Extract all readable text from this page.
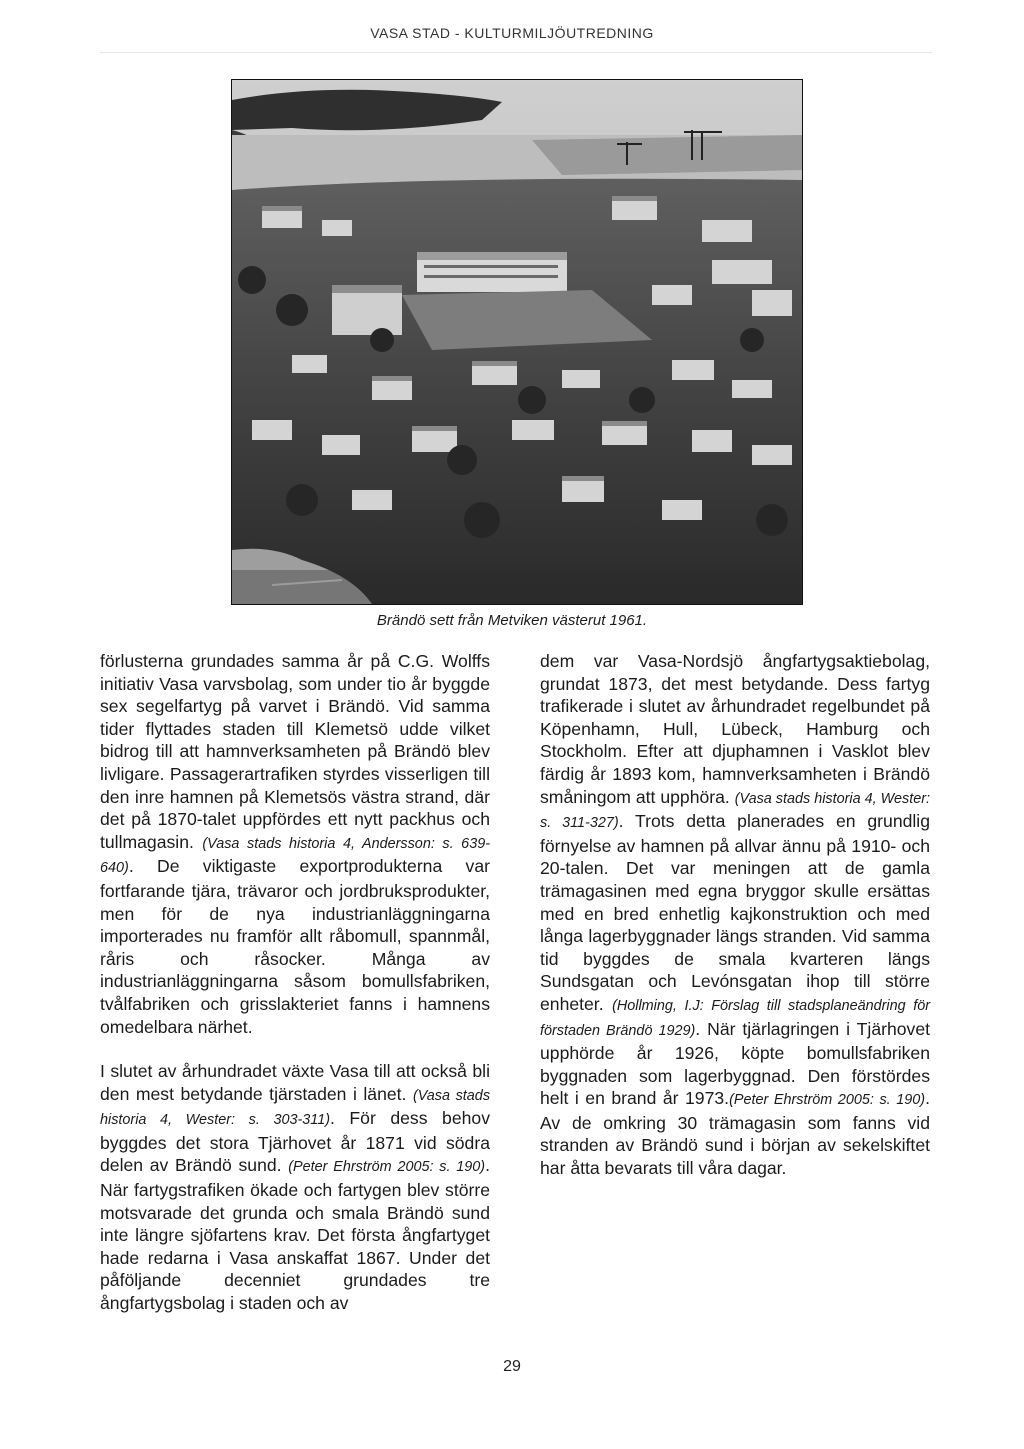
VASA STAD - KULTURMILJÖUTREDNING
Brändö sett från Metviken västerut 1961.

förlusterna grundades samma år på C.G. Wolffs initiativ Vasa varvsbolag, som under tio år byggde sex segelfartyg på varvet i Brändö. Vid samma tider flyttades staden till Klemetsö udde vilket bidrog till att hamnverksamheten på Brändö blev livligare. Passagerartrafiken styrdes visserligen till den inre hamnen på Klemetsös västra strand, där det på 1870-talet uppfördes ett nytt packhus och tullmagasin. (Vasa stads historia 4, Andersson: s. 639-640). De viktigaste exportprodukterna var fortfarande tjära, trävaror och jordbruksprodukter, men för de nya industrianläggningarna importerades nu framför allt råbomull, spannmål, råris och råsocker. Många av industrianläggningarna såsom bomullsfabriken, tvålfabriken och grisslakteriet fanns i hamnens omedelbara närhet.

I slutet av århundradet växte Vasa till att också bli den mest betydande tjärstaden i länet. (Vasa stads historia 4, Wester: s. 303-311). För dess behov byggdes det stora Tjärhovet år 1871 vid södra delen av Brändö sund. (Peter Ehrström 2005: s. 190). När fartygstrafiken ökade och fartygen blev större motsvarade det grunda och smala Brändö sund inte längre sjöfartens krav. Det första ångfartyget hade redarna i Vasa anskaffat 1867. Under det påföljande decenniet grundades tre ångfartygsbolag i staden och av

dem var Vasa-Nordsjö ångfartygsaktiebolag, grundat 1873, det mest betydande. Dess fartyg trafikerade i slutet av århundradet regelbundet på Köpenhamn, Hull, Lübeck, Hamburg och Stockholm. Efter att djuphamnen i Vasklot blev färdig år 1893 kom, hamnverksamheten i Brändö småningom att upphöra. (Vasa stads historia 4, Wester: s. 311-327). Trots detta planerades en grundlig förnyelse av hamnen på allvar ännu på 1910- och 20-talen. Det var meningen att de gamla trämagasinen med egna bryggor skulle ersättas med en bred enhetlig kajkonstruktion och med långa lagerbyggnader längs stranden. Vid samma tid byggdes de smala kvarteren längs Sundsgatan och Levónsgatan ihop till större enheter. (Hollming, I.J: Förslag till stadsplaneändring för förstaden Brändö 1929). När tjärlagringen i Tjärhovet upphörde år 1926, köpte bomullsfabriken byggnaden som lagerbyggnad. Den förstördes helt i en brand år 1973.(Peter Ehrström 2005: s. 190). Av de omkring 30 trämagasin som fanns vid stranden av Brändö sund i början av sekelskiftet har åtta bevarats till våra dagar.

29
